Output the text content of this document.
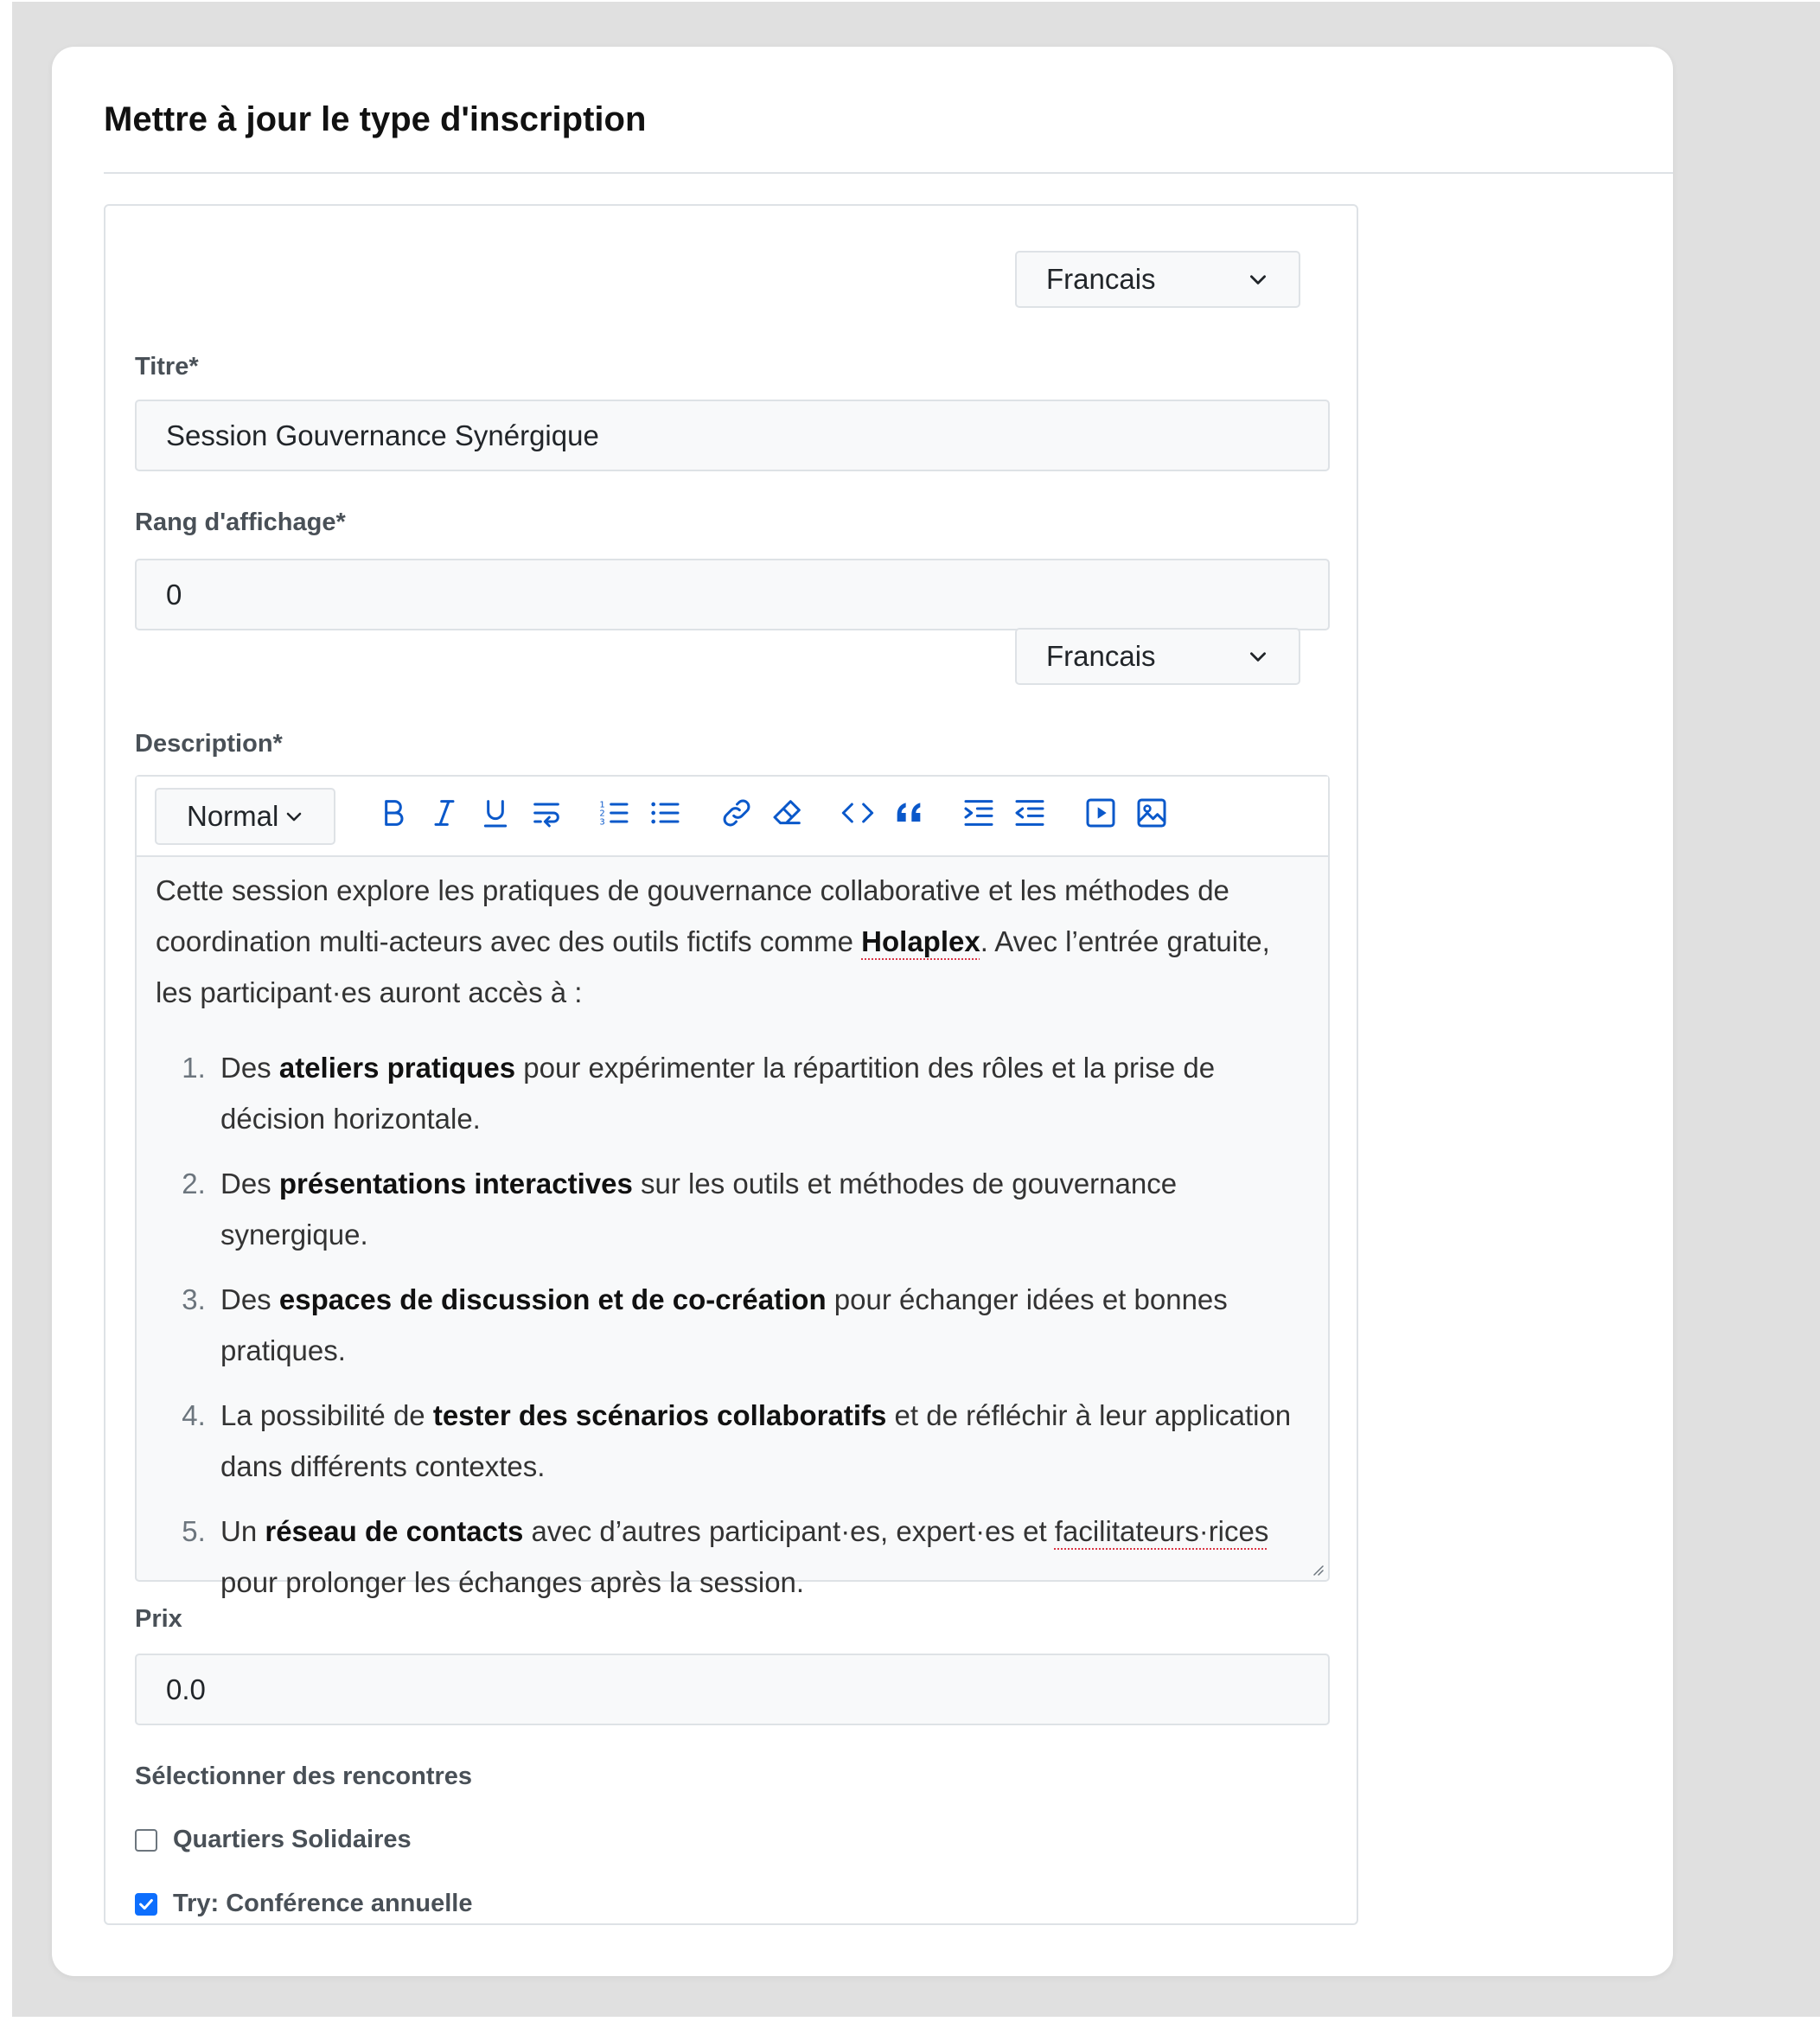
Mettre à jour le type d'inscription
Francais
Titre*
Session Gouvernance Synérgique
Rang d'affichage*
0
Francais
Description*
Normal	1
2
3

Cette session explore les pratiques de gouvernance collaborative et les méthodes de coordination multi-acteurs avec des outils fictifs comme Holaplex. Avec l’entrée gratuite, les participant·es auront accès à :

1. Des ateliers pratiques pour expérimenter la répartition des rôles et la prise de décision horizontale.
2. Des présentations interactives sur les outils et méthodes de gouvernance synergique.
3. Des espaces de discussion et de co-création pour échanger idées et bonnes pratiques.
4. La possibilité de tester des scénarios collaboratifs et de réfléchir à leur application dans différents contextes.
5. Un réseau de contacts avec d’autres participant·es, expert·es et facilitateurs·rices pour prolonger les échanges après la session.
Prix
0.0
Sélectionner des rencontres
Quartiers Solidaires
Try: Conférence annuelle
